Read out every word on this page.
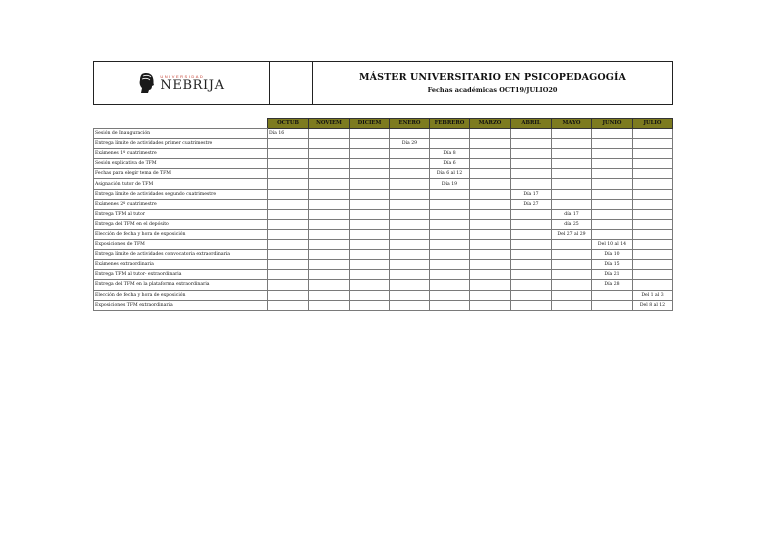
UNIVERSIDAD
NEBRIJA
MÁSTER UNIVERSITARIO EN PSICOPEDAGOGÍA
Fechas académicas OCT19/JULIO20
	OCTUB	NOVIEM	DICIEM	ENERO	FEBRERO	MARZO	ABRIL	MAYO	JUNIO	JULIO
Sesión de Inauguración	Día 16									
Entrega límite de actividades primer cuatrimestre				Día 29						
Exámenes 1º cuatrimestre					Día 8					
Sesión explicativa de TFM					Día 6					
Fechas para elegir tema de TFM					Día 6 al 12					
Asignación tutor de TFM					Día 19					
Entrega límite de actividades segundo cuatrimestre							Día 17			
Exámenes 2º cuatrimestre							Día 27			
Entrega TFM al tutor								día 17		
Entrega del TFM en el depósito								día 25		
Elección de fecha y hora de exposición								Del 27 al 29		
Exposiciones de TFM									Del 10 al 14	
Entrega límite de actividades convocatoria extraordinaria									Día 10	
Exámenes extraordinaria									Día 15	
Entrega TFM al tutor- extraordinaria									Día 21	
Entrega del TFM en la plataforma extraordinaria									Día 28	
Elección de fecha y hora de exposición										Del 1 al 3
Exposiciones TFM extraordinaria										Del 8 al 12
